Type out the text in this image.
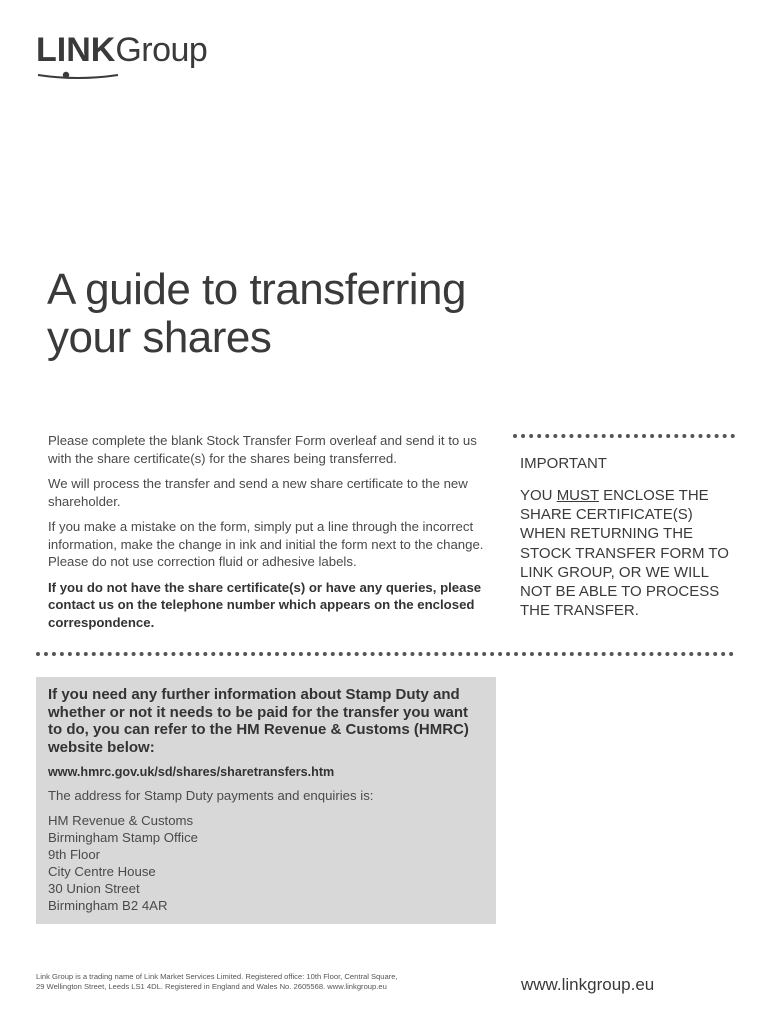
LINKGroup
A guide to transferring
your shares

Please complete the blank Stock Transfer Form overleaf and send it to us with the share certificate(s) for the shares being transferred.

We will process the transfer and send a new share certificate to the new shareholder.

If you make a mistake on the form, simply put a line through the incorrect information, make the change in ink and initial the form next to the change. Please do not use correction fluid or adhesive labels.

If you do not have the share certificate(s) or have any queries, please contact us on the telephone number which appears on the enclosed correspondence.

IMPORTANT

YOU MUST ENCLOSE THE SHARE CERTIFICATE(S) WHEN RETURNING THE STOCK TRANSFER FORM TO LINK GROUP, OR WE WILL NOT BE ABLE TO PROCESS THE TRANSFER.

If you need any further information about Stamp Duty and whether or not it needs to be paid for the transfer you want to do, you can refer to the HM Revenue & Customs (HMRC) website below:

www.hmrc.gov.uk/sd/shares/sharetransfers.htm

The address for Stamp Duty payments and enquiries is:

HM Revenue & Customs
Birmingham Stamp Office
9th Floor
City Centre House
30 Union Street
Birmingham B2 4AR
Link Group is a trading name of Link Market Services Limited. Registered office: 10th Floor, Central Square,
29 Wellington Street, Leeds LS1 4DL. Registered in England and Wales No. 2605568. www.linkgroup.eu	www.linkgroup.eu
